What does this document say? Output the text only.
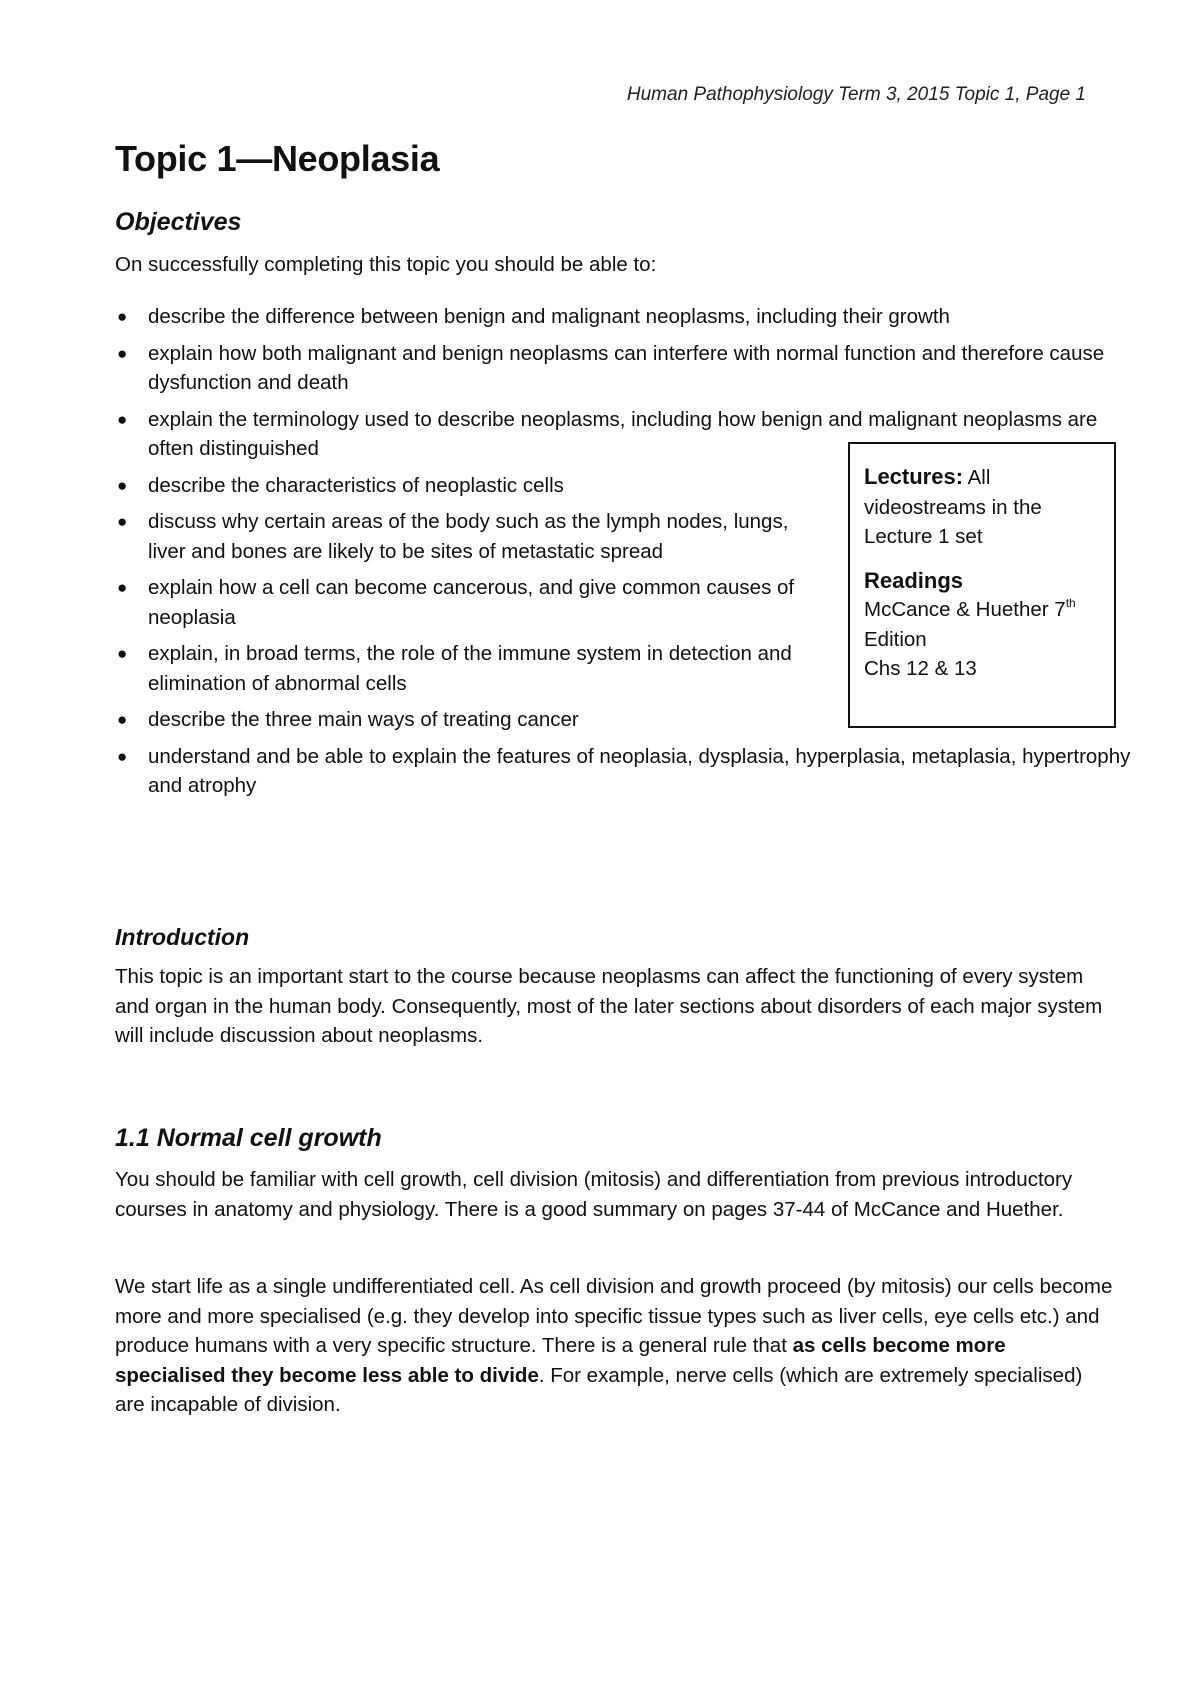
Human Pathophysiology Term 3, 2015 Topic 1, Page 1
Topic 1—Neoplasia
Objectives

On successfully completing this topic you should be able to:

● describe the difference between benign and malignant neoplasms, including their growth
● explain how both malignant and benign neoplasms can interfere with normal function and therefore cause dysfunction and death
● explain the terminology used to describe neoplasms, including how benign and malignant neoplasms are often distinguished
● describe the characteristics of neoplastic cells
● discuss why certain areas of the body such as the lymph nodes, lungs, liver and bones are likely to be sites of metastatic spread
● explain how a cell can become cancerous, and give common causes of neoplasia
● explain, in broad terms, the role of the immune system in detection and elimination of abnormal cells
● describe the three main ways of treating cancer
● understand and be able to explain the features of neoplasia, dysplasia, hyperplasia, metaplasia, hypertrophy and atrophy
Lectures: All videostreams in the Lecture 1 set
Readings
McCance & Huether 7th
Edition
Chs 12 & 13
Introduction

This topic is an important start to the course because neoplasms can affect the functioning of every system and organ in the human body. Consequently, most of the later sections about disorders of each major system will include discussion about neoplasms.

1.1 Normal cell growth

You should be familiar with cell growth, cell division (mitosis) and differentiation from previous introductory courses in anatomy and physiology. There is a good summary on pages 37-44 of McCance and Huether.

We start life as a single undifferentiated cell. As cell division and growth proceed (by mitosis) our cells become more and more specialised (e.g. they develop into specific tissue types such as liver cells, eye cells etc.) and produce humans with a very specific structure. There is a general rule that as cells become more specialised they become less able to divide. For example, nerve cells (which are extremely specialised) are incapable of division.
